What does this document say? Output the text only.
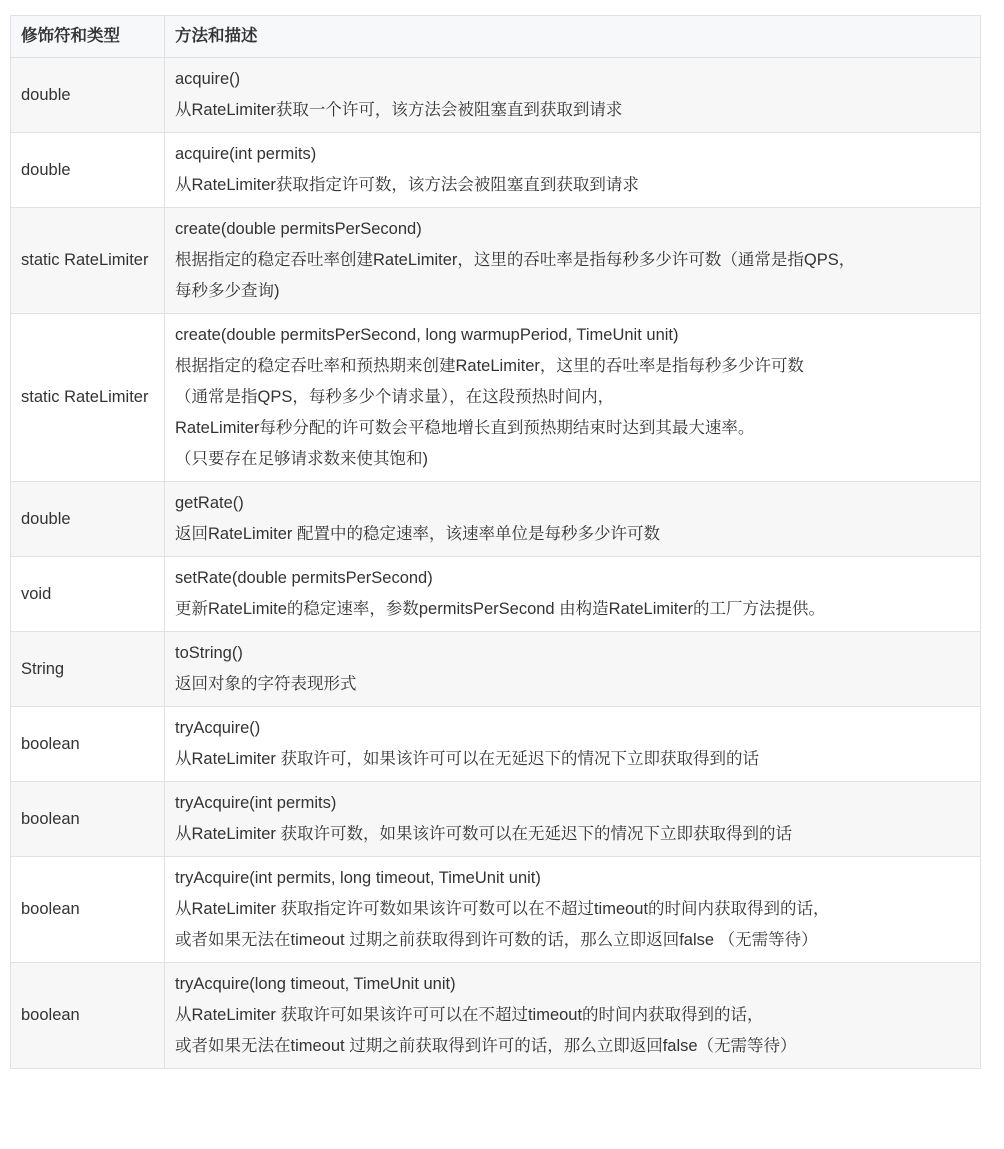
修饰符和类型	方法和描述
double	acquire()
从RateLimiter获取一个许可，该方法会被阻塞直到获取到请求

double	acquire(int permits)
从RateLimiter获取指定许可数，该方法会被阻塞直到获取到请求

static RateLimiter	create(double permitsPerSecond)
根据指定的稳定吞吐率创建RateLimiter，这里的吞吐率是指每秒多少许可数（通常是指QPS，
每秒多少查询)

static RateLimiter	create(double permitsPerSecond, long warmupPeriod, TimeUnit unit)
根据指定的稳定吞吐率和预热期来创建RateLimiter，这里的吞吐率是指每秒多少许可数
（通常是指QPS，每秒多少个请求量），在这段预热时间内，
RateLimiter每秒分配的许可数会平稳地增长直到预热期结束时达到其最大速率。
（只要存在足够请求数来使其饱和)

double	getRate()
返回RateLimiter 配置中的稳定速率，该速率单位是每秒多少许可数

void	setRate(double permitsPerSecond)
更新RateLimite的稳定速率，参数permitsPerSecond 由构造RateLimiter的工厂方法提供。

String	toString()
返回对象的字符表现形式

boolean	tryAcquire()
从RateLimiter 获取许可，如果该许可可以在无延迟下的情况下立即获取得到的话

boolean	tryAcquire(int permits)
从RateLimiter 获取许可数，如果该许可数可以在无延迟下的情况下立即获取得到的话

boolean	tryAcquire(int permits, long timeout, TimeUnit unit)
从RateLimiter 获取指定许可数如果该许可数可以在不超过timeout的时间内获取得到的话，
或者如果无法在timeout 过期之前获取得到许可数的话，那么立即返回false （无需等待）

boolean	tryAcquire(long timeout, TimeUnit unit)
从RateLimiter 获取许可如果该许可可以在不超过timeout的时间内获取得到的话，
或者如果无法在timeout 过期之前获取得到许可的话，那么立即返回false（无需等待）
